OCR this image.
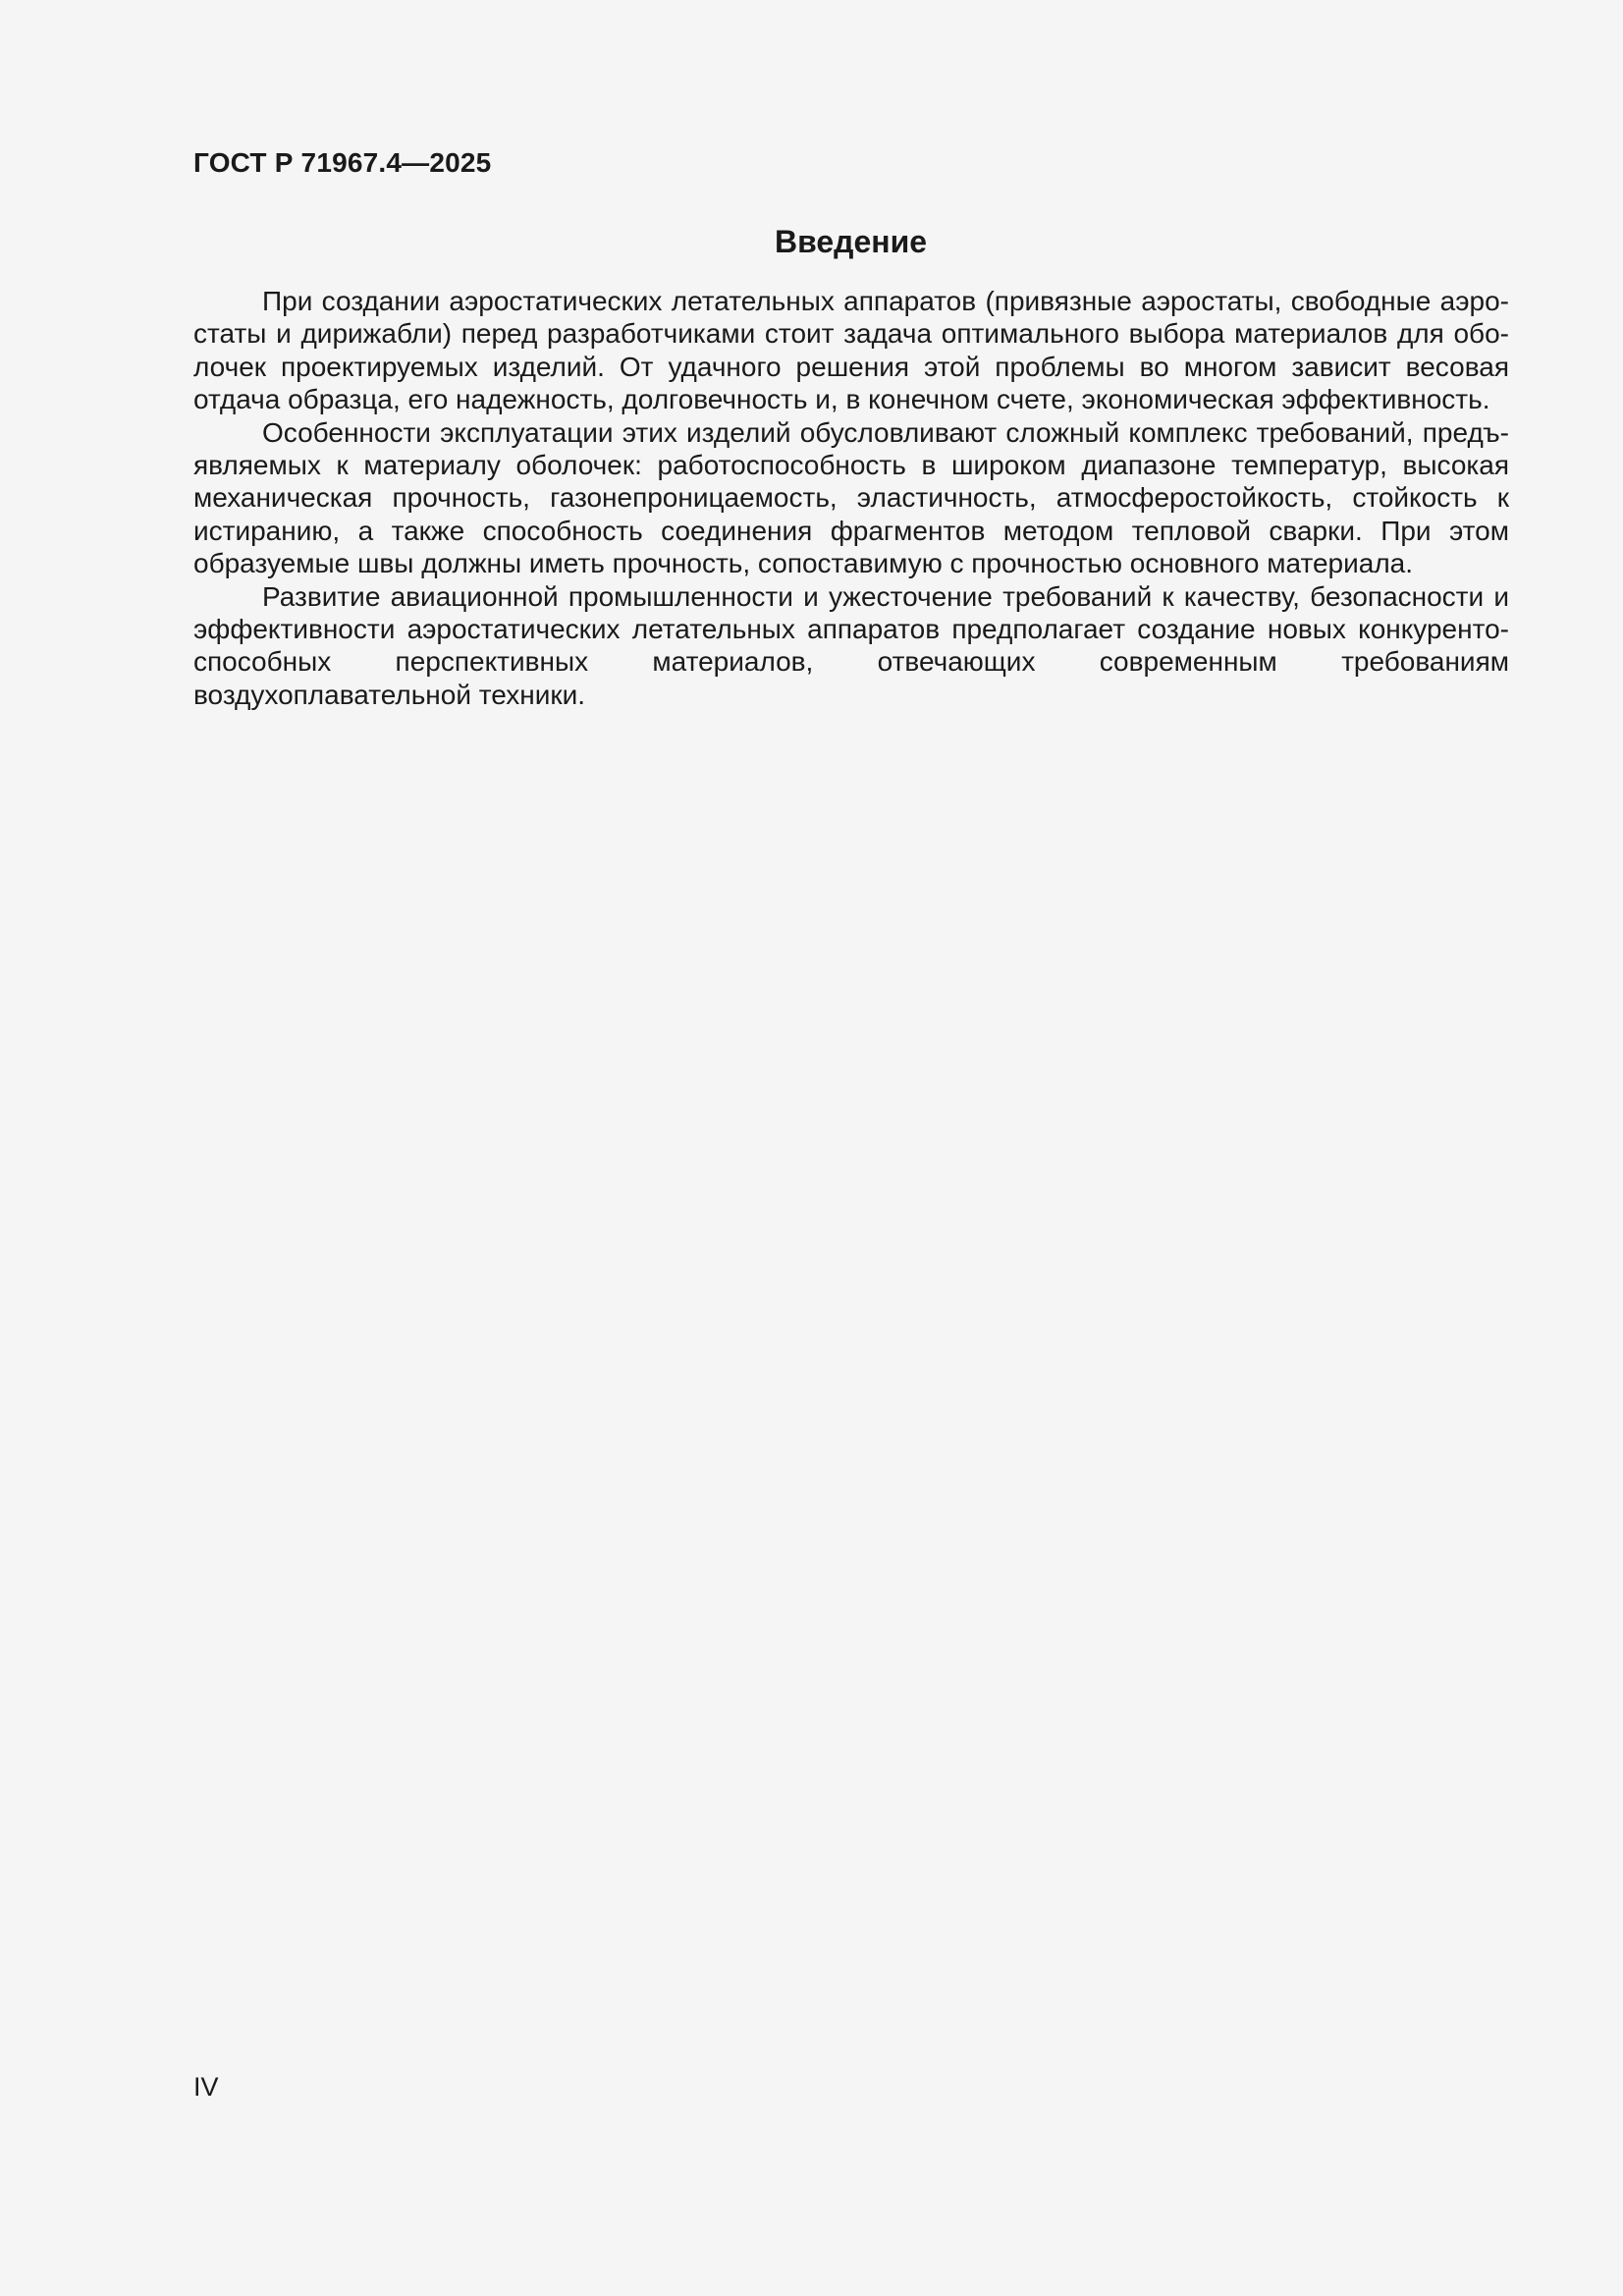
ГОСТ Р 71967.4—2025
Введение

При создании аэростатических летательных аппаратов (привязные аэростаты, свободные аэростаты и дирижабли) перед разработчиками стоит задача оптимального выбора материалов для оболочек проектируемых изделий. От удачного решения этой проблемы во многом зависит весовая отдача образца, его надежность, долговечность и, в конечном счете, экономическая эффективность.

Особенности эксплуатации этих изделий обусловливают сложный комплекс требований, предъявляемых к материалу оболочек: работоспособность в широком диапазоне температур, высокая механическая прочность, газонепроницаемость, эластичность, атмосферостойкость, стойкость к истиранию, а также способность соединения фрагментов методом тепловой сварки. При этом образуемые швы должны иметь прочность, сопоставимую с прочностью основного материала.

Развитие авиационной промышленности и ужесточение требований к качеству, безопасности и эффективности аэростатических летательных аппаратов предполагает создание новых конкурентоспособных перспективных материалов, отвечающих современным требованиям воздухоплавательной техники.

IV
